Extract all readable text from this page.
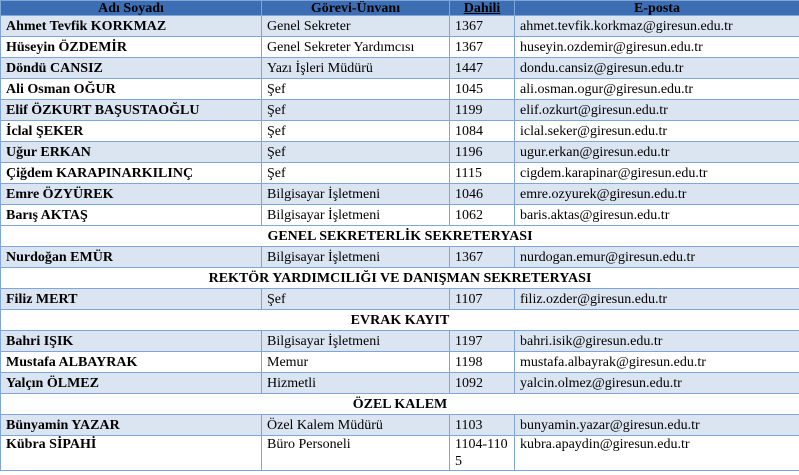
Adı Soyadı	Görevi-Ünvanı	Dahili	E-posta
Ahmet Tevfik KORKMAZ	Genel Sekreter	1367	ahmet.tevfik.korkmaz@giresun.edu.tr
Hüseyin ÖZDEMİR	Genel Sekreter Yardımcısı	1367	huseyin.ozdemir@giresun.edu.tr
Döndü CANSIZ	Yazı İşleri Müdürü	1447	dondu.cansiz@giresun.edu.tr
Ali Osman OĞUR	Şef	1045	ali.osman.ogur@giresun.edu.tr
Elif ÖZKURT BAŞUSTAOĞLU	Şef	1199	elif.ozkurt@giresun.edu.tr
İclal ŞEKER	Şef	1084	iclal.seker@giresun.edu.tr
Uğur ERKAN	Şef	1196	ugur.erkan@giresun.edu.tr
Çiğdem KARAPINARKILINÇ	Şef	1115	cigdem.karapinar@giresun.edu.tr
Emre ÖZYÜREK	Bilgisayar İşletmeni	1046	emre.ozyurek@giresun.edu.tr
Barış AKTAŞ	Bilgisayar İşletmeni	1062	baris.aktas@giresun.edu.tr
GENEL SEKRETERLİK SEKRETERYASI			
Nurdoğan EMÜR	Bilgisayar İşletmeni	1367	nurdogan.emur@giresun.edu.tr
REKTÖR YARDIMCILIĞI VE DANIŞMAN SEKRETERYASI			
Filiz MERT	Şef	1107	filiz.ozder@giresun.edu.tr
EVRAK KAYIT			
Bahri IŞIK	Bilgisayar İşletmeni	1197	bahri.isik@giresun.edu.tr
Mustafa ALBAYRAK	Memur	1198	mustafa.albayrak@giresun.edu.tr
Yalçın ÖLMEZ	Hizmetli	1092	yalcin.olmez@giresun.edu.tr
ÖZEL KALEM			
Bünyamin YAZAR	Özel Kalem Müdürü	1103	bunyamin.yazar@giresun.edu.tr
Kübra SİPAHİ	Büro Personeli	1104-1105	kubra.apaydin@giresun.edu.tr
